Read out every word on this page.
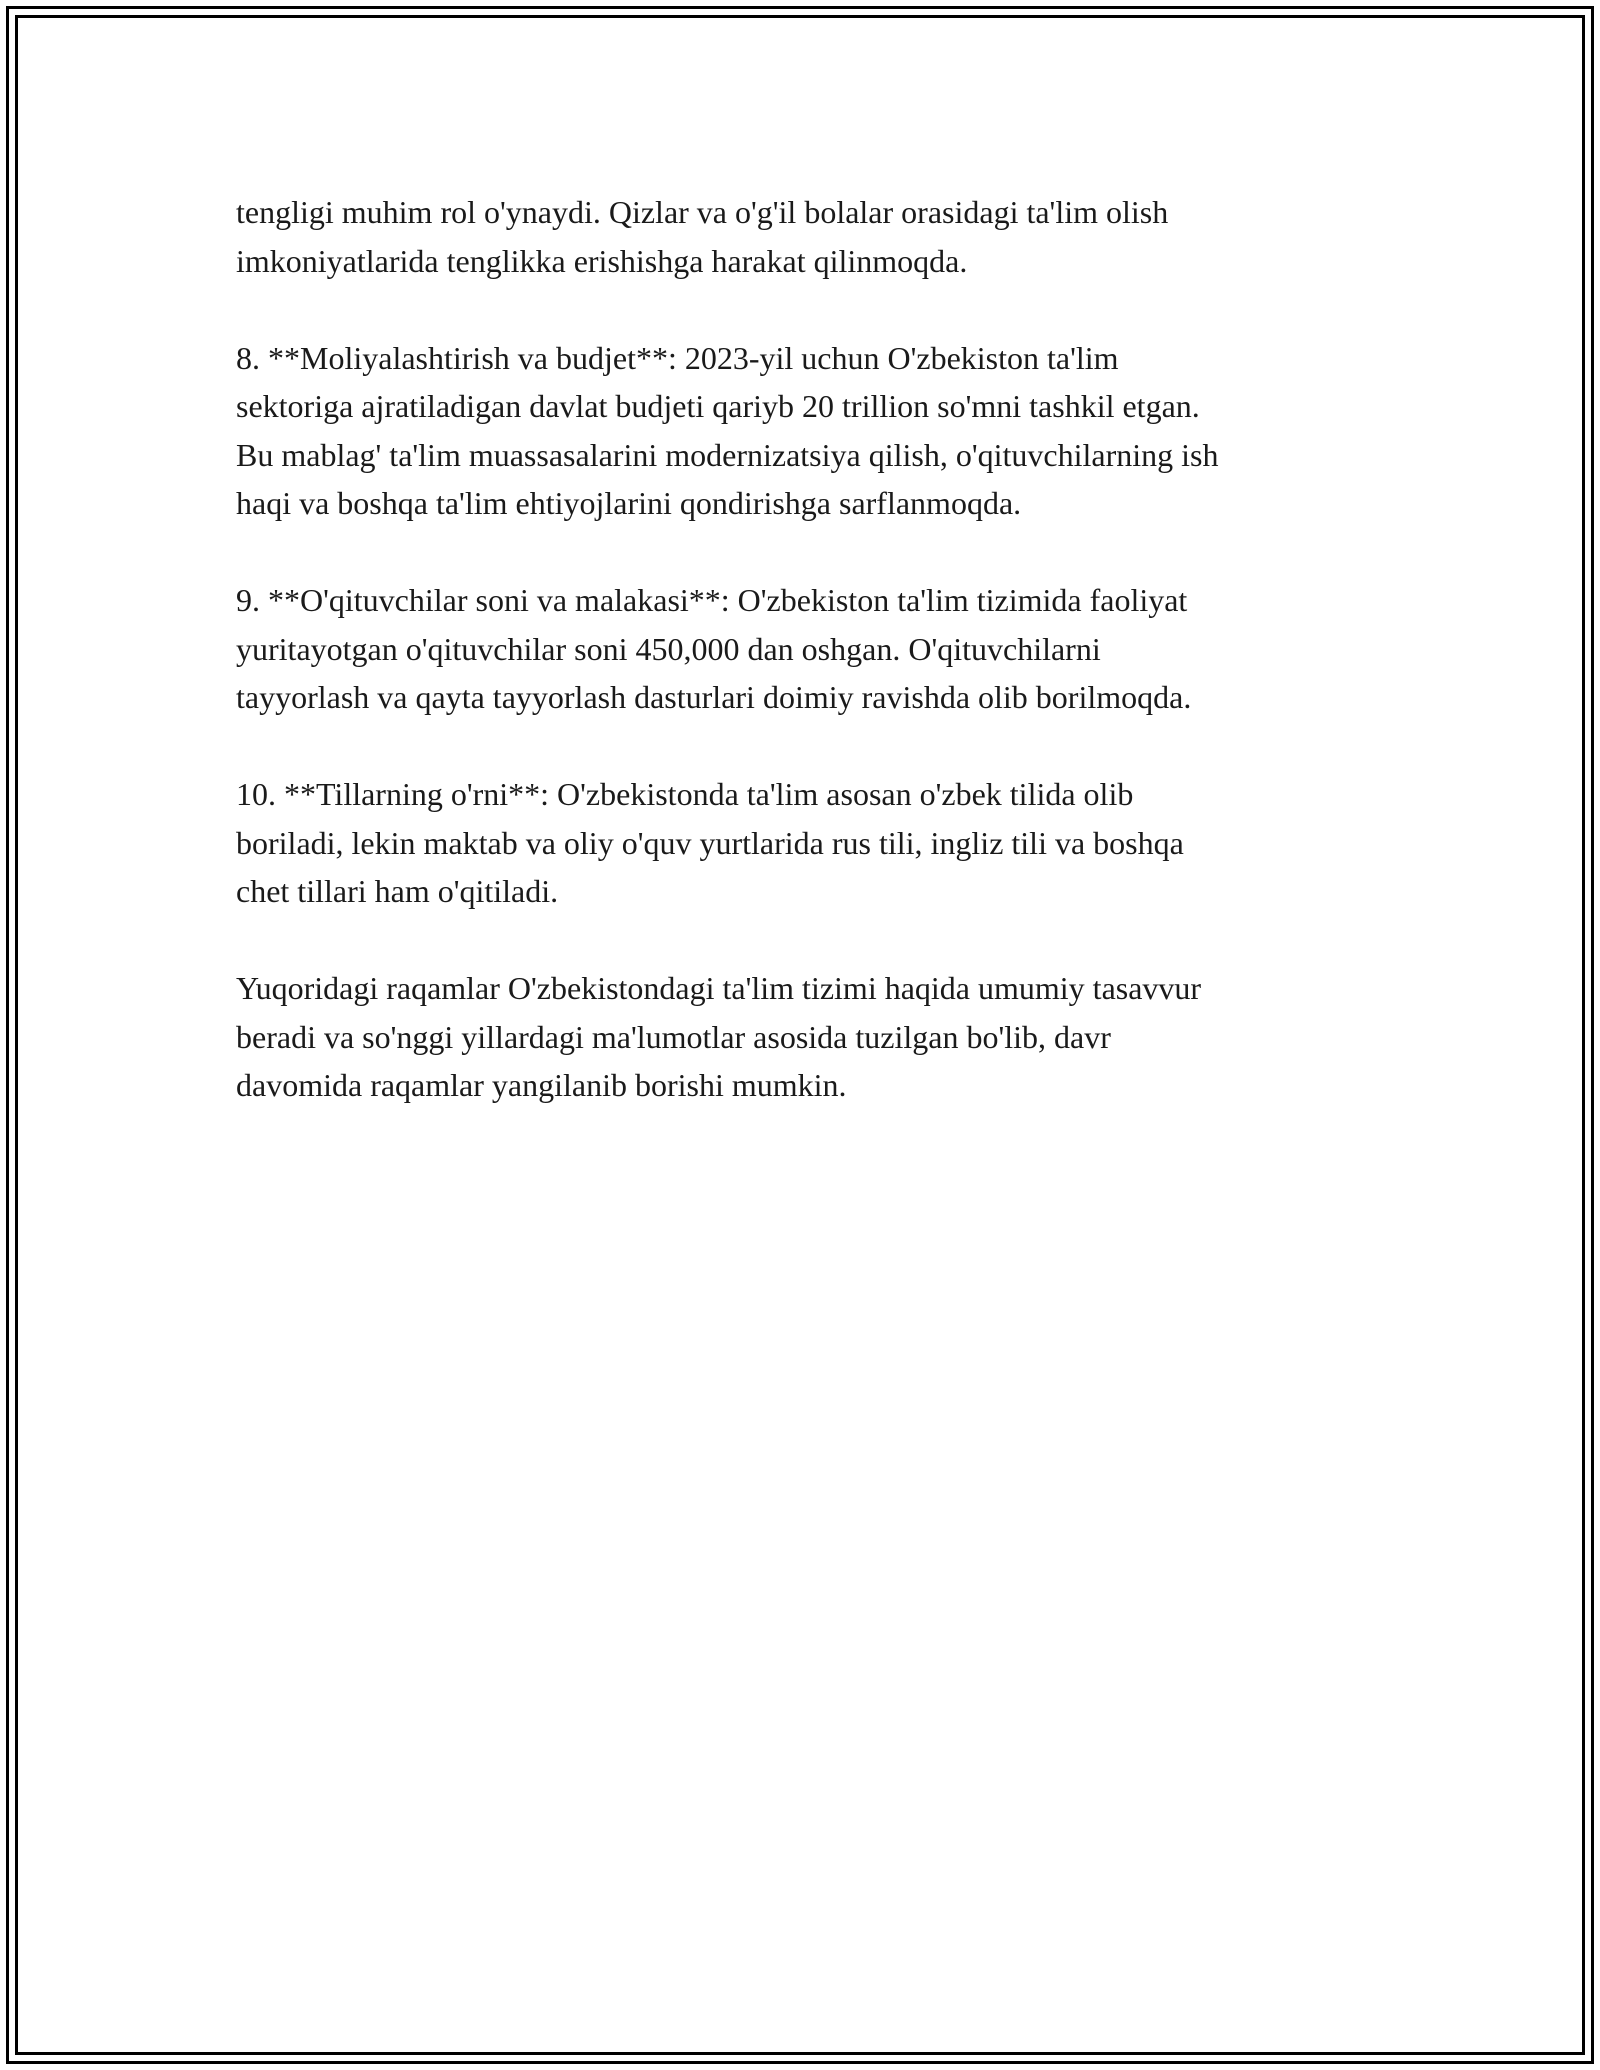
tengligi muhim rol o'ynaydi. Qizlar va o'g'il bolalar orasidagi ta'lim olish
imkoniyatlarida tenglikka erishishga harakat qilinmoqda.

8. **Moliyalashtirish va budjet**: 2023-yil uchun O'zbekiston ta'lim
sektoriga ajratiladigan davlat budjeti qariyb 20 trillion so'mni tashkil etgan.
Bu mablag' ta'lim muassasalarini modernizatsiya qilish, o'qituvchilarning ish
haqi va boshqa ta'lim ehtiyojlarini qondirishga sarflanmoqda.

9. **O'qituvchilar soni va malakasi**: O'zbekiston ta'lim tizimida faoliyat
yuritayotgan o'qituvchilar soni 450,000 dan oshgan. O'qituvchilarni
tayyorlash va qayta tayyorlash dasturlari doimiy ravishda olib borilmoqda.

10. **Tillarning o'rni**: O'zbekistonda ta'lim asosan o'zbek tilida olib
boriladi, lekin maktab va oliy o'quv yurtlarida rus tili, ingliz tili va boshqa
chet tillari ham o'qitiladi.

Yuqoridagi raqamlar O'zbekistondagi ta'lim tizimi haqida umumiy tasavvur
beradi va so'nggi yillardagi ma'lumotlar asosida tuzilgan bo'lib, davr
davomida raqamlar yangilanib borishi mumkin.
